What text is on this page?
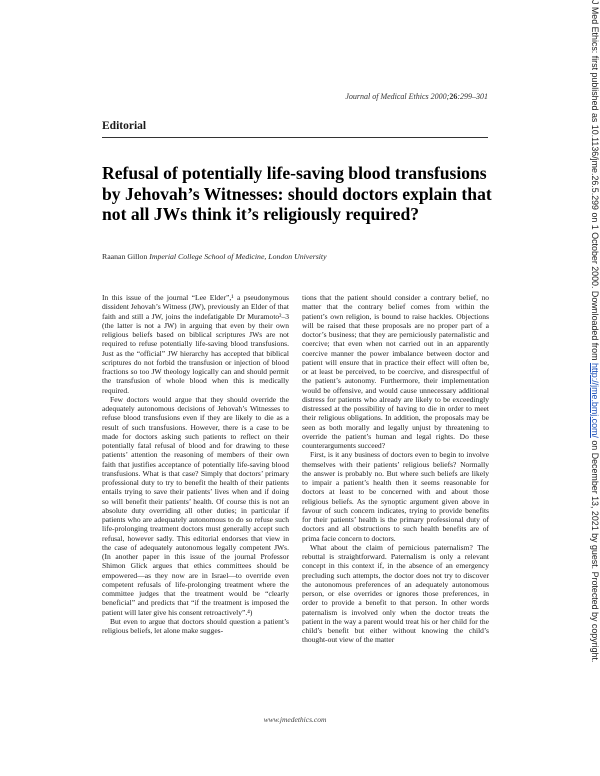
Journal of Medical Ethics 2000;26:299–301
Editorial
Refusal of potentially life-saving blood transfusions by Jehovah’s Witnesses: should doctors explain that not all JWs think it’s religiously required?
Raanan Gillon Imperial College School of Medicine, London University

In this issue of the journal “Lee Elder”,¹ a pseudonymous dissident Jehovah’s Witness (JW), previously an Elder of that faith and still a JW, joins the indefatigable Dr Muramoto²–3 (the latter is not a JW) in arguing that even by their own religious beliefs based on biblical scriptures JWs are not required to refuse potentially life-saving blood transfusions. Just as the “official” JW hierarchy has accepted that biblical scriptures do not forbid the transfusion or injection of blood fractions so too JW theology logically can and should permit the transfusion of whole blood when this is medically required.

Few doctors would argue that they should override the adequately autonomous decisions of Jehovah’s Witnesses to refuse blood transfusions even if they are likely to die as a result of such transfusions. However, there is a case to be made for doctors asking such patients to reflect on their potentially fatal refusal of blood and for drawing to these patients’ attention the reasoning of members of their own faith that justifies acceptance of potentially life-saving blood transfusions. What is that case? Simply that doctors’ primary professional duty to try to benefit the health of their patients entails trying to save their patients’ lives when and if doing so will benefit their patients’ health. Of course this is not an absolute duty overriding all other duties; in particular if patients who are adequately autonomous to do so refuse such life-prolonging treatment doctors must generally accept such refusal, however sadly. This editorial endorses that view in the case of adequately autonomous legally competent JWs. (In another paper in this issue of the journal Professor Shimon Glick argues that ethics committees should be empowered—as they now are in Israel—to override even competent refusals of life-prolonging treatment where the committee judges that the treatment would be “clearly beneficial” and predicts that “if the treatment is imposed the patient will later give his consent retroactively”.⁴)

But even to argue that doctors should question a patient’s religious beliefs, let alone make sugges-

tions that the patient should consider a contrary belief, no matter that the contrary belief comes from within the patient’s own religion, is bound to raise hackles. Objections will be raised that these proposals are no proper part of a doctor’s business; that they are perniciously paternalistic and coercive; that even when not carried out in an apparently coercive manner the power imbalance between doctor and patient will ensure that in practice their effect will often be, or at least be perceived, to be coercive, and disrespectful of the patient’s autonomy. Furthermore, their implementation would be offensive, and would cause unnecessary additional distress for patients who already are likely to be exceedingly distressed at the possibility of having to die in order to meet their religious obligations. In addition, the proposals may be seen as both morally and legally unjust by threatening to override the patient’s human and legal rights. Do these counterarguments succeed?

First, is it any business of doctors even to begin to involve themselves with their patients’ religious beliefs? Normally the answer is probably no. But where such beliefs are likely to impair a patient’s health then it seems reasonable for doctors at least to be concerned with and about those religious beliefs. As the synoptic argument given above in favour of such concern indicates, trying to provide benefits for their patients’ health is the primary professional duty of doctors and all obstructions to such health benefits are of prima facie concern to doctors.

What about the claim of pernicious paternalism? The rebuttal is straightforward. Paternalism is only a relevant concept in this context if, in the absence of an emergency precluding such attempts, the doctor does not try to discover the autonomous preferences of an adequately autonomous person, or else overrides or ignores those preferences, in order to provide a benefit to that person. In other words paternalism is involved only when the doctor treats the patient in the way a parent would treat his or her child for the child’s benefit but either without knowing the child’s thought-out view of the matter

www.jmedethics.com
J Med Ethics: first published as 10.1136/jme.26.5.299 on 1 October 2000. Downloaded from http://jme.bmj.com/ on December 13, 2021 by guest. Protected by copyright.
